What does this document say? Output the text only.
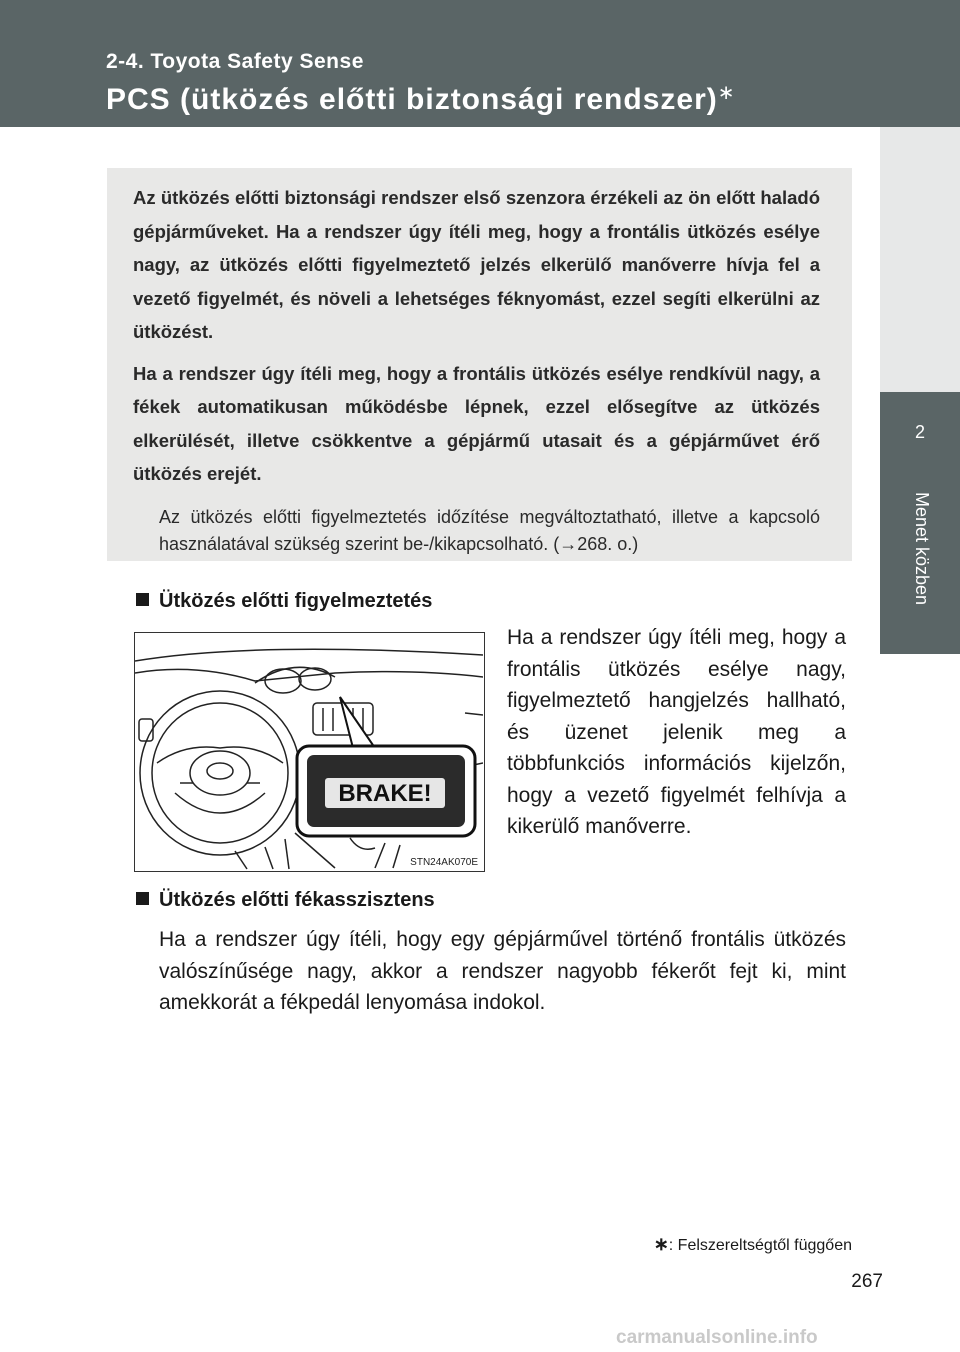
2-4. Toyota Safety Sense
PCS (ütközés előtti biztonsági rendszer)∗
2
Menet közben

Az ütközés előtti biztonsági rendszer első szenzora érzékeli az ön előtt haladó gépjárműveket. Ha a rendszer úgy ítéli meg, hogy a frontális ütközés esélye nagy, az ütközés előtti figyelmeztető jelzés elkerülő manőverre hívja fel a vezető figyelmét, és növeli a lehetséges féknyomást, ezzel segíti elkerülni az ütközést.

Ha a rendszer úgy ítéli meg, hogy a frontális ütközés esélye rendkívül nagy, a fékek automatikusan működésbe lépnek, ezzel elősegítve az ütközés elkerülését, illetve csökkentve a gépjármű utasait és a gépjárművet érő ütközés erejét.

Az ütközés előtti figyelmeztetés időzítése megváltoztatható, illetve a kapcsoló használatával szükség szerint be-/kikapcsolható. (→268. o.)

Ütközés előtti figyelmeztetés
BRAKE!
STN24AK070E
Ha a rendszer úgy ítéli meg, hogy a frontális ütközés esélye nagy, figyelmeztető hangjelzés hallható, és üzenet jelenik meg a többfunkciós információs kijelzőn, hogy a vezető figyelmét felhívja a kikerülő manőverre.
Ütközés előtti fékasszisztens
Ha a rendszer úgy ítéli, hogy egy gépjárművel történő frontális ütközés valószínűsége nagy, akkor a rendszer nagyobb fékerőt fejt ki, mint amekkorát a fékpedál lenyomása indokol.
∗: Felszereltségtől függően
267
carmanualsonline.info
